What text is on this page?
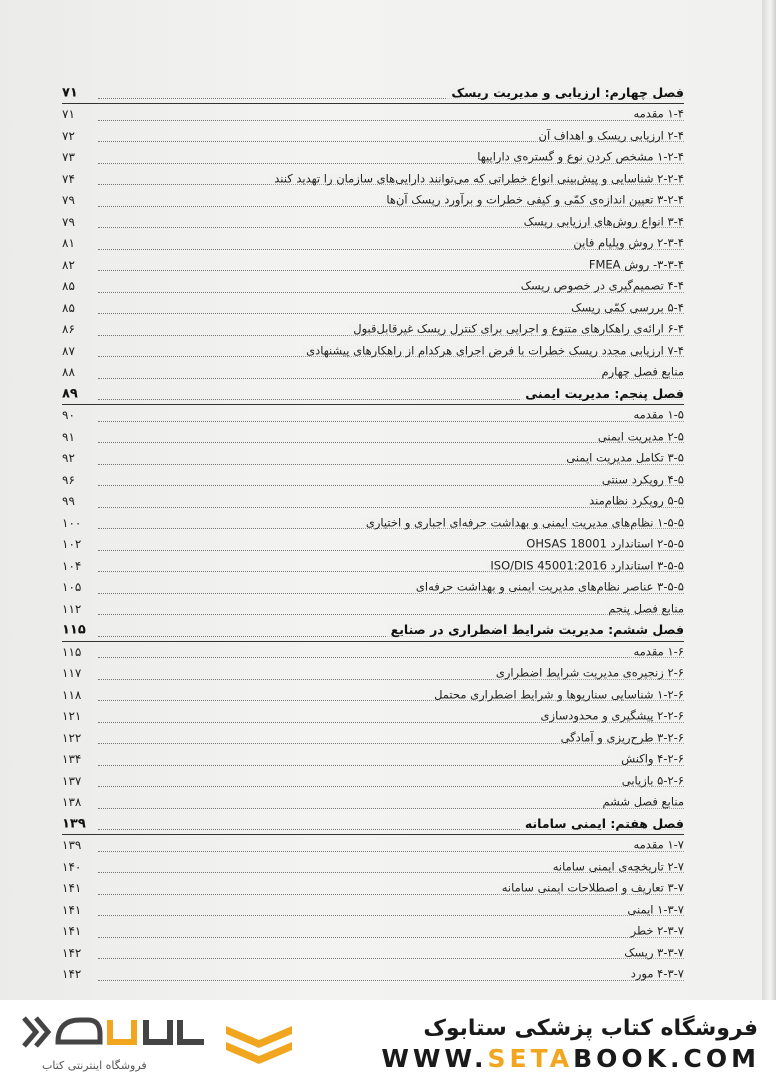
فصل چهارم: ارزیابی و مدیریت ریسک
۷۱
۱-۴ مقدمه
۷۱
۲-۴ ارزیابی ریسک و اهداف آن
۷۲
۱-۲-۴ مشخص کردن نوع و گستره‌ی داراییها
۷۳
۲-۲-۴ شناسایی و پیش‌بینی انواع خطراتی که می‌توانند دارایی‌های سازمان را تهدید کنند
۷۴
۳-۲-۴ تعیین اندازه‌ی کمّی و کیفی خطرات و برآورد ریسک آن‌ها
۷۹
۳-۴ انواع روش‌های ارزیابی ریسک
۷۹
۲-۳-۴ روش ویلیام فاین
۸۱
۳-۳-۴- روش FMEA
۸۲
۴-۴ تصمیم‌گیری در خصوص ریسک
۸۵
۵-۴ بررسی کمّی ریسک
۸۵
۶-۴ ارائه‌ی راهکارهای متنوع و اجرایی برای کنترل ریسک غیرقابل‌قبول
۸۶
۷-۴ ارزیابی مجدد ریسک خطرات با فرض اجرای هرکدام از راهکارهای پیشنهادی
۸۷
منابع فصل چهارم
۸۸
فصل پنجم: مدیریت ایمنی
۸۹
۱-۵ مقدمه
۹۰
۲-۵ مدیریت ایمنی
۹۱
۳-۵ تکامل مدیریت ایمنی
۹۲
۴-۵ رویکرد سنتی
۹۶
۵-۵ رویکرد نظام‌مند
۹۹
۱-۵-۵ نظام‌های مدیریت ایمنی و بهداشت حرفه‌ای اجباری و اختیاری
۱۰۰
۲-۵-۵ استاندارد OHSAS 18001
۱۰۲
۳-۵-۵ استاندارد ISO/DIS 45001:2016
۱۰۴
۳-۵-۵ عناصر نظام‌های مدیریت ایمنی و بهداشت حرفه‌ای
۱۰۵
منابع فصل پنجم
۱۱۲
فصل ششم: مدیریت شرایط اضطراری در صنایع
۱۱۵
۱-۶ مقدمه
۱۱۵
۲-۶ زنجیره‌ی مدیریت شرایط اضطراری
۱۱۷
۱-۲-۶ شناسایی سناریوها و شرایط اضطراری محتمل
۱۱۸
۲-۲-۶ پیشگیری و محدودسازی
۱۲۱
۳-۲-۶ طرح‌ریزی و آمادگی
۱۲۲
۴-۲-۶ واکنش
۱۳۴
۵-۲-۶ بازیابی
۱۳۷
منابع فصل ششم
۱۳۸
فصل هفتم: ایمنی سامانه
۱۳۹
۱-۷ مقدمه
۱۳۹
۲-۷ تاریخچه‌ی ایمنی سامانه
۱۴۰
۳-۷ تعاریف و اصطلاحات ایمنی سامانه
۱۴۱
۱-۳-۷ ایمنی
۱۴۱
۲-۳-۷ خطر
۱۴۱
۳-۳-۷ ریسک
۱۴۲
۴-۳-۷ مورد
۱۴۲
فروشگاه کتاب پزشکی ستابوک
WWW.SETABOOK.COM
فروشگاه اینترنتی کتاب
